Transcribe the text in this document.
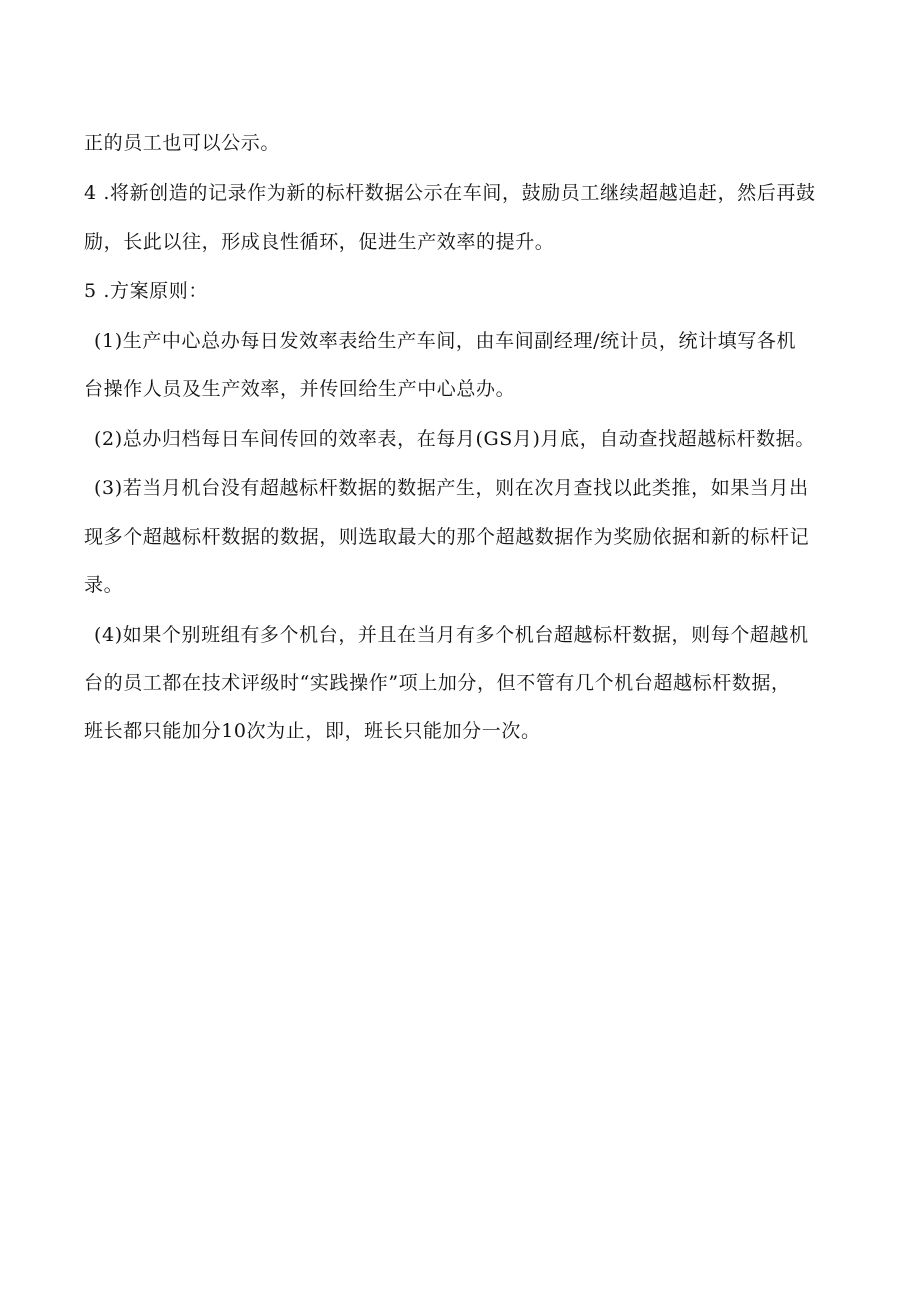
正的员工也可以公示。
4 .将新创造的记录作为新的标杆数据公示在车间，鼓励员工继续超越追赶，然后再鼓
励，长此以往，形成良性循环，促进生产效率的提升。
5 .方案原则：
(1)生产中心总办每日发效率表给生产车间，由车间副经理/统计员，统计填写各机
台操作人员及生产效率，并传回给生产中心总办。
(2)总办归档每日车间传回的效率表，在每月(GS月)月底，自动查找超越标杆数据。
(3)若当月机台没有超越标杆数据的数据产生，则在次月查找以此类推，如果当月出
现多个超越标杆数据的数据，则选取最大的那个超越数据作为奖励依据和新的标杆记
录。
(4)如果个别班组有多个机台，并且在当月有多个机台超越标杆数据，则每个超越机
台的员工都在技术评级时“实践操作”项上加分，但不管有几个机台超越标杆数据，
班长都只能加分10次为止，即，班长只能加分一次。
